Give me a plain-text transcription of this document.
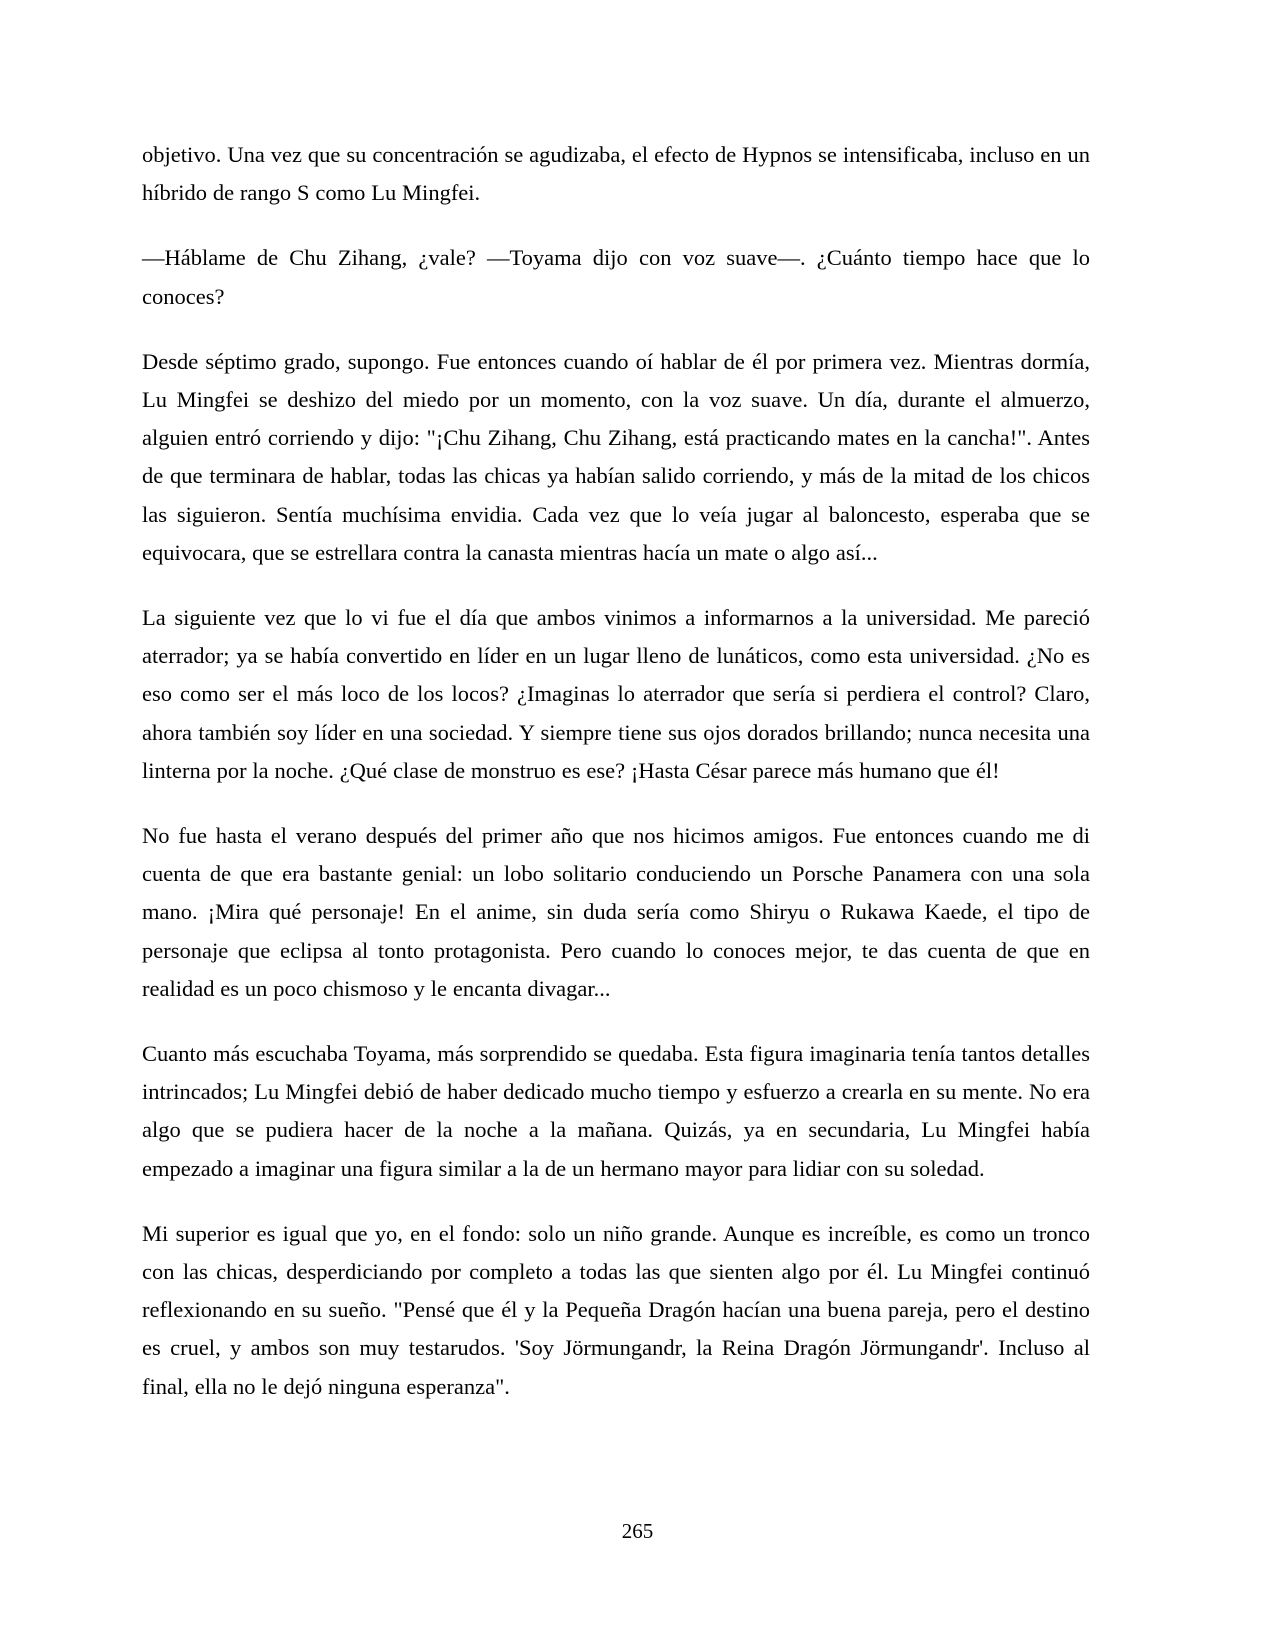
objetivo. Una vez que su concentración se agudizaba, el efecto de Hypnos se intensificaba, incluso en un híbrido de rango S como Lu Mingfei.

—Háblame de Chu Zihang, ¿vale? —Toyama dijo con voz suave—. ¿Cuánto tiempo hace que lo conoces?

Desde séptimo grado, supongo. Fue entonces cuando oí hablar de él por primera vez. Mientras dormía, Lu Mingfei se deshizo del miedo por un momento, con la voz suave. Un día, durante el almuerzo, alguien entró corriendo y dijo: "¡Chu Zihang, Chu Zihang, está practicando mates en la cancha!". Antes de que terminara de hablar, todas las chicas ya habían salido corriendo, y más de la mitad de los chicos las siguieron. Sentía muchísima envidia. Cada vez que lo veía jugar al baloncesto, esperaba que se equivocara, que se estrellara contra la canasta mientras hacía un mate o algo así...

La siguiente vez que lo vi fue el día que ambos vinimos a informarnos a la universidad. Me pareció aterrador; ya se había convertido en líder en un lugar lleno de lunáticos, como esta universidad. ¿No es eso como ser el más loco de los locos? ¿Imaginas lo aterrador que sería si perdiera el control? Claro, ahora también soy líder en una sociedad. Y siempre tiene sus ojos dorados brillando; nunca necesita una linterna por la noche. ¿Qué clase de monstruo es ese? ¡Hasta César parece más humano que él!

No fue hasta el verano después del primer año que nos hicimos amigos. Fue entonces cuando me di cuenta de que era bastante genial: un lobo solitario conduciendo un Porsche Panamera con una sola mano. ¡Mira qué personaje! En el anime, sin duda sería como Shiryu o Rukawa Kaede, el tipo de personaje que eclipsa al tonto protagonista. Pero cuando lo conoces mejor, te das cuenta de que en realidad es un poco chismoso y le encanta divagar...

Cuanto más escuchaba Toyama, más sorprendido se quedaba. Esta figura imaginaria tenía tantos detalles intrincados; Lu Mingfei debió de haber dedicado mucho tiempo y esfuerzo a crearla en su mente. No era algo que se pudiera hacer de la noche a la mañana. Quizás, ya en secundaria, Lu Mingfei había empezado a imaginar una figura similar a la de un hermano mayor para lidiar con su soledad.

Mi superior es igual que yo, en el fondo: solo un niño grande. Aunque es increíble, es como un tronco con las chicas, desperdiciando por completo a todas las que sienten algo por él. Lu Mingfei continuó reflexionando en su sueño. "Pensé que él y la Pequeña Dragón hacían una buena pareja, pero el destino es cruel, y ambos son muy testarudos. 'Soy Jörmungandr, la Reina Dragón Jörmungandr'. Incluso al final, ella no le dejó ninguna esperanza".

265
